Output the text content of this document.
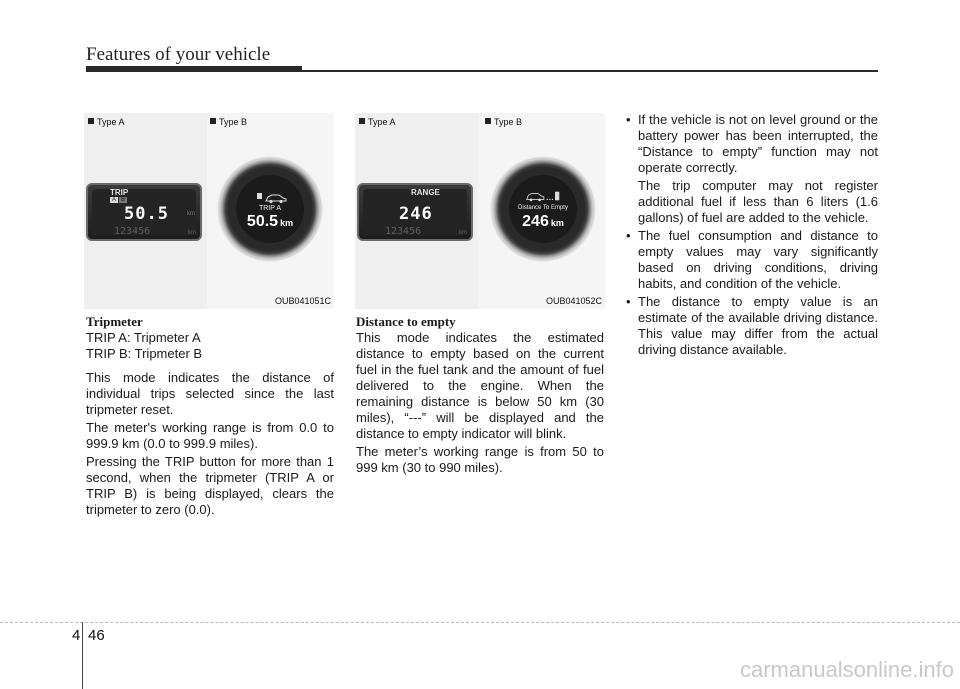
Features of your vehicle
Type A	Type B
TRIP
A B
50.5	km
123456	km
TRIP A
50.5 km
OUB041051C
Type A	Type B
RANGE
246
123456	km
Distance To Empty
246 km
OUB041052C

Tripmeter

TRIP A: Tripmeter A

TRIP B: Tripmeter B

This mode indicates the distance of individual trips selected since the last tripmeter reset.

The meter's working range is from 0.0 to 999.9 km (0.0 to 999.9 miles).

Pressing the TRIP button for more than 1 second, when the tripmeter (TRIP A or TRIP B) is being displayed, clears the tripmeter to zero (0.0).

Distance to empty

This mode indicates the estimated distance to empty based on the current fuel in the fuel tank and the amount of fuel delivered to the engine. When the remaining distance is below 50 km (30 miles), “---” will be displayed and the distance to empty indicator will blink.

The meter’s working range is from 50 to 999 km (30 to 990 miles).

• If the vehicle is not on level ground or the battery power has been interrupted, the “Distance to empty” function may not operate correctly.

The trip computer may not register additional fuel if less than 6 liters (1.6 gallons) of fuel are added to the vehicle.

• The fuel consumption and distance to empty values may vary significantly based on driving conditions, driving habits, and condition of the vehicle.
• The distance to empty value is an estimate of the available driving distance. This value may differ from the actual driving distance available.
4 46
carmanualsonline.info
